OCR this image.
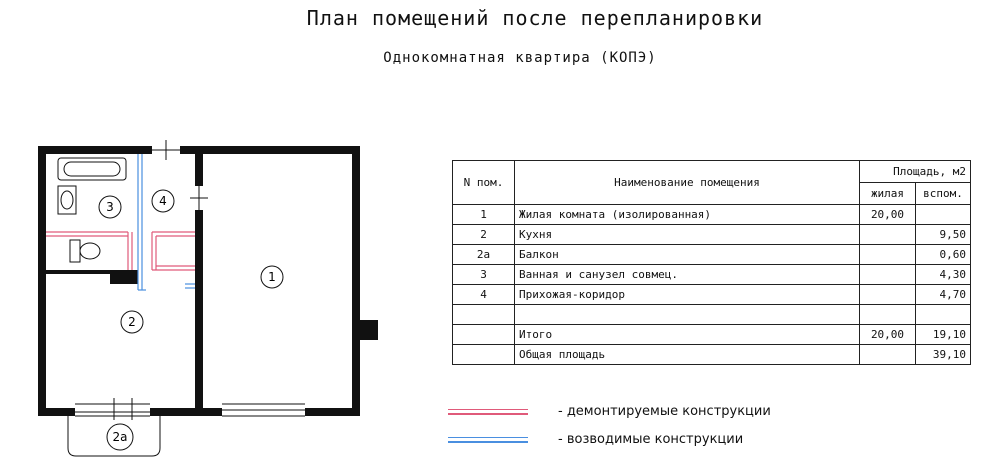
План помещений после перепланировки
Однокомнатная квартира (КОПЭ)
1
2
2а
3	4
N пом.	Наименование помещения	Площадь, м2	
		жилая	вспом.
1	Жилая комната (изолированная)	20,00	
2	Кухня		9,50
2а	Балкон		0,60
3	Ванная и санузел совмец.		4,30
4	Прихожая-коридор		4,70

	Итого	20,00	19,10
	Общая площадь		39,10
- демонтируемые конструкции
- возводимые конструкции
